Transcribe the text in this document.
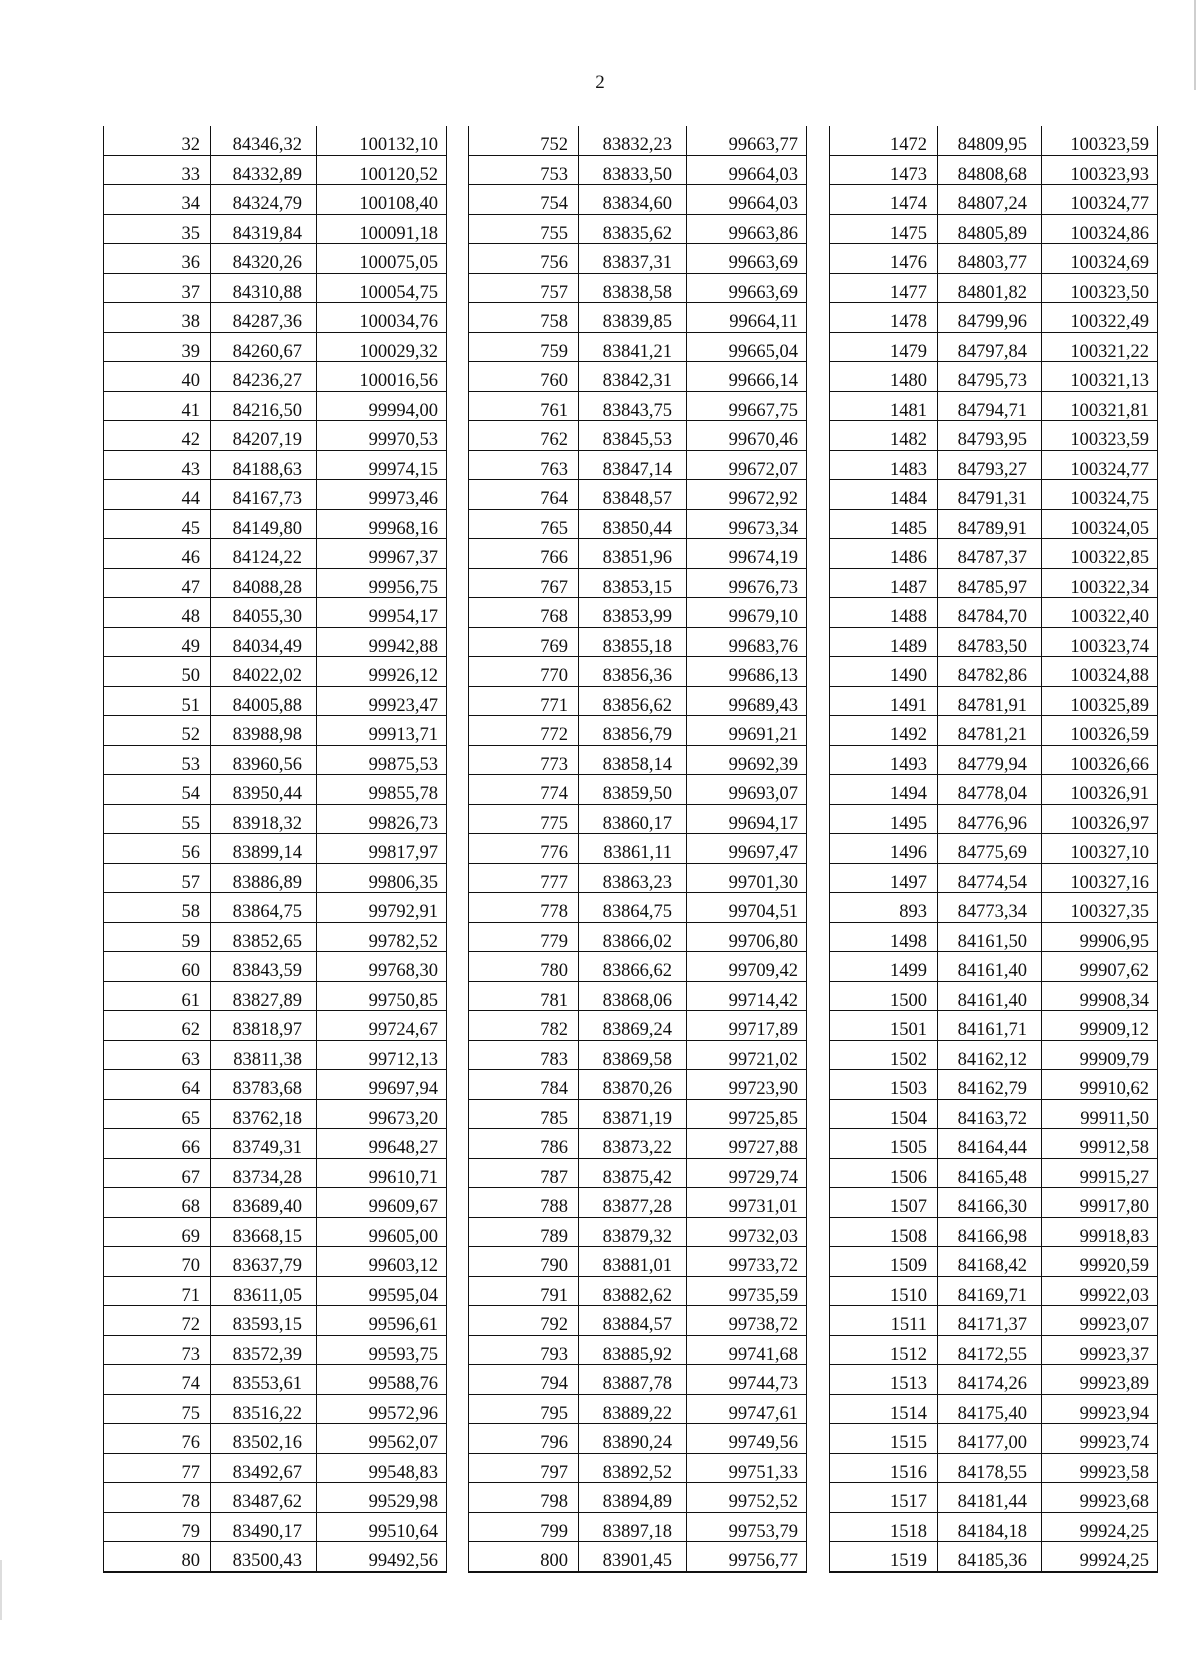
2
32	84346,32	100132,10
33	84332,89	100120,52
34	84324,79	100108,40
35	84319,84	100091,18
36	84320,26	100075,05
37	84310,88	100054,75
38	84287,36	100034,76
39	84260,67	100029,32
40	84236,27	100016,56
41	84216,50	99994,00
42	84207,19	99970,53
43	84188,63	99974,15
44	84167,73	99973,46
45	84149,80	99968,16
46	84124,22	99967,37
47	84088,28	99956,75
48	84055,30	99954,17
49	84034,49	99942,88
50	84022,02	99926,12
51	84005,88	99923,47
52	83988,98	99913,71
53	83960,56	99875,53
54	83950,44	99855,78
55	83918,32	99826,73
56	83899,14	99817,97
57	83886,89	99806,35
58	83864,75	99792,91
59	83852,65	99782,52
60	83843,59	99768,30
61	83827,89	99750,85
62	83818,97	99724,67
63	83811,38	99712,13
64	83783,68	99697,94
65	83762,18	99673,20
66	83749,31	99648,27
67	83734,28	99610,71
68	83689,40	99609,67
69	83668,15	99605,00
70	83637,79	99603,12
71	83611,05	99595,04
72	83593,15	99596,61
73	83572,39	99593,75
74	83553,61	99588,76
75	83516,22	99572,96
76	83502,16	99562,07
77	83492,67	99548,83
78	83487,62	99529,98
79	83490,17	99510,64
80	83500,43	99492,56
752	83832,23	99663,77
753	83833,50	99664,03
754	83834,60	99664,03
755	83835,62	99663,86
756	83837,31	99663,69
757	83838,58	99663,69
758	83839,85	99664,11
759	83841,21	99665,04
760	83842,31	99666,14
761	83843,75	99667,75
762	83845,53	99670,46
763	83847,14	99672,07
764	83848,57	99672,92
765	83850,44	99673,34
766	83851,96	99674,19
767	83853,15	99676,73
768	83853,99	99679,10
769	83855,18	99683,76
770	83856,36	99686,13
771	83856,62	99689,43
772	83856,79	99691,21
773	83858,14	99692,39
774	83859,50	99693,07
775	83860,17	99694,17
776	83861,11	99697,47
777	83863,23	99701,30
778	83864,75	99704,51
779	83866,02	99706,80
780	83866,62	99709,42
781	83868,06	99714,42
782	83869,24	99717,89
783	83869,58	99721,02
784	83870,26	99723,90
785	83871,19	99725,85
786	83873,22	99727,88
787	83875,42	99729,74
788	83877,28	99731,01
789	83879,32	99732,03
790	83881,01	99733,72
791	83882,62	99735,59
792	83884,57	99738,72
793	83885,92	99741,68
794	83887,78	99744,73
795	83889,22	99747,61
796	83890,24	99749,56
797	83892,52	99751,33
798	83894,89	99752,52
799	83897,18	99753,79
800	83901,45	99756,77
1472	84809,95	100323,59
1473	84808,68	100323,93
1474	84807,24	100324,77
1475	84805,89	100324,86
1476	84803,77	100324,69
1477	84801,82	100323,50
1478	84799,96	100322,49
1479	84797,84	100321,22
1480	84795,73	100321,13
1481	84794,71	100321,81
1482	84793,95	100323,59
1483	84793,27	100324,77
1484	84791,31	100324,75
1485	84789,91	100324,05
1486	84787,37	100322,85
1487	84785,97	100322,34
1488	84784,70	100322,40
1489	84783,50	100323,74
1490	84782,86	100324,88
1491	84781,91	100325,89
1492	84781,21	100326,59
1493	84779,94	100326,66
1494	84778,04	100326,91
1495	84776,96	100326,97
1496	84775,69	100327,10
1497	84774,54	100327,16
893	84773,34	100327,35
1498	84161,50	99906,95
1499	84161,40	99907,62
1500	84161,40	99908,34
1501	84161,71	99909,12
1502	84162,12	99909,79
1503	84162,79	99910,62
1504	84163,72	99911,50
1505	84164,44	99912,58
1506	84165,48	99915,27
1507	84166,30	99917,80
1508	84166,98	99918,83
1509	84168,42	99920,59
1510	84169,71	99922,03
1511	84171,37	99923,07
1512	84172,55	99923,37
1513	84174,26	99923,89
1514	84175,40	99923,94
1515	84177,00	99923,74
1516	84178,55	99923,58
1517	84181,44	99923,68
1518	84184,18	99924,25
1519	84185,36	99924,25
